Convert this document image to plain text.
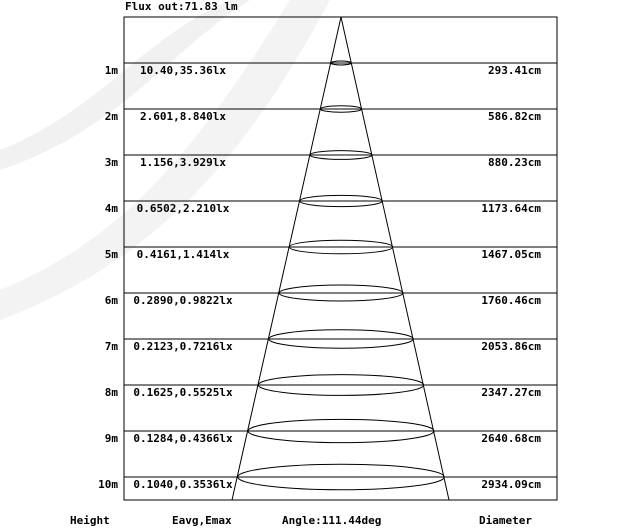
Flux out:71.83 lm
1m 10.40,35.36lx	293.41cm
2m 2.601,8.840lx	586.82cm
3m 1.156,3.929lx	880.23cm
4m 0.6502,2.210lx	1173.64cm
5m 0.4161,1.414lx	1467.05cm
6m 0.2890,0.9822lx	1760.46cm
7m 0.2123,0.7216lx	2053.86cm
8m 0.1625,0.5525lx	2347.27cm
9m 0.1284,0.4366lx	2640.68cm
10m 0.1040,0.3536lx	2934.09cm
Height	Eavg,Emax	Angle:111.44deg	Diameter
